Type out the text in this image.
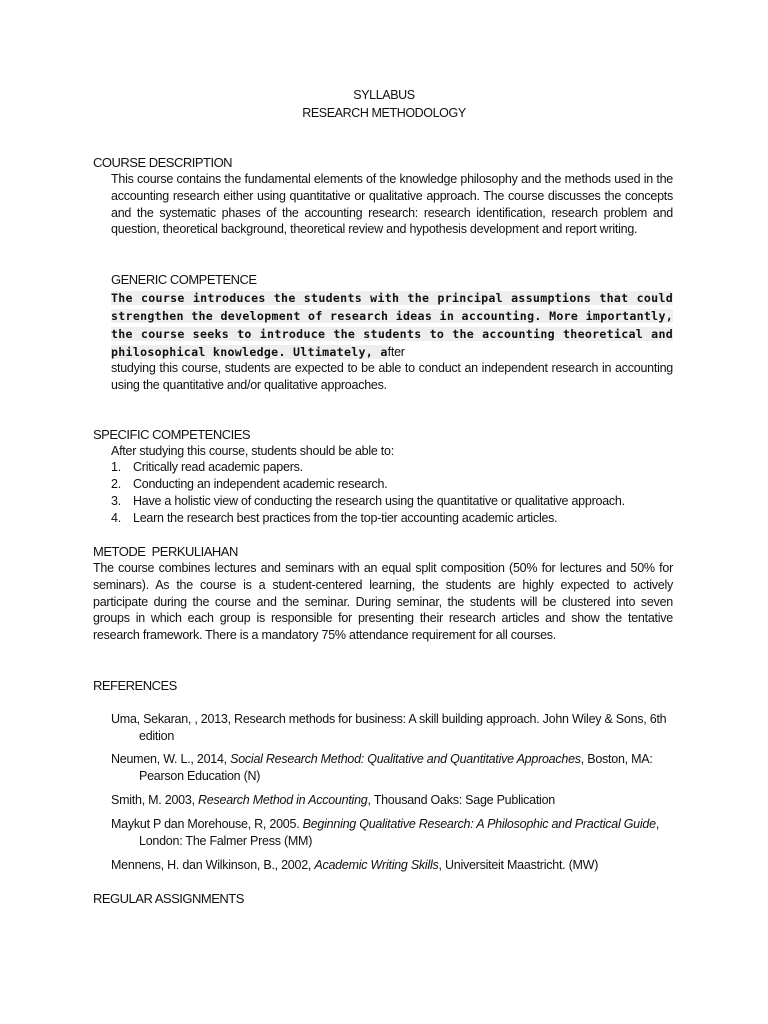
SYLLABUS
RESEARCH METHODOLOGY
COURSE DESCRIPTION
This course contains the fundamental elements of the knowledge philosophy and the methods used in the accounting research either using quantitative or qualitative approach. The course discusses the concepts and the systematic phases of the accounting research: research identification, research problem and question, theoretical background, theoretical review and hypothesis development and report writing.
GENERIC COMPETENCE
The course introduces the students with the principal assumptions that could strengthen the development of research ideas in accounting. More importantly, the course seeks to introduce the students to the accounting theoretical and philosophical knowledge. Ultimately, after
studying this course, students are expected to be able to conduct an independent research in accounting using the quantitative and/or qualitative approaches.
SPECIFIC COMPETENCIES
After studying this course, students should be able to:
1. Critically read academic papers.
2. Conducting an independent academic research.
3. Have a holistic view of conducting the research using the quantitative or qualitative approach.
4. Learn the research best practices from the top-tier accounting academic articles.
METODE  PERKULIAHAN
The course combines lectures and seminars with an equal split composition (50% for lectures and 50% for seminars). As the course is a student-centered learning, the students are highly expected to actively participate during the course and the seminar. During seminar, the students will be clustered into seven groups in which each group is responsible for presenting their research articles and show the tentative research framework. There is a mandatory 75% attendance requirement for all courses.
REFERENCES
Uma, Sekaran, , 2013, Research methods for business: A skill building approach. John Wiley & Sons, 6th edition
Neumen, W. L., 2014, Social Research Method: Qualitative and Quantitative Approaches, Boston, MA: Pearson Education (N)
Smith, M. 2003, Research Method in Accounting, Thousand Oaks: Sage Publication
Maykut P dan Morehouse, R, 2005. Beginning Qualitative Research: A Philosophic and Practical Guide, London: The Falmer Press (MM)
Mennens, H. dan Wilkinson, B., 2002, Academic Writing Skills, Universiteit Maastricht. (MW)
REGULAR ASSIGNMENTS
